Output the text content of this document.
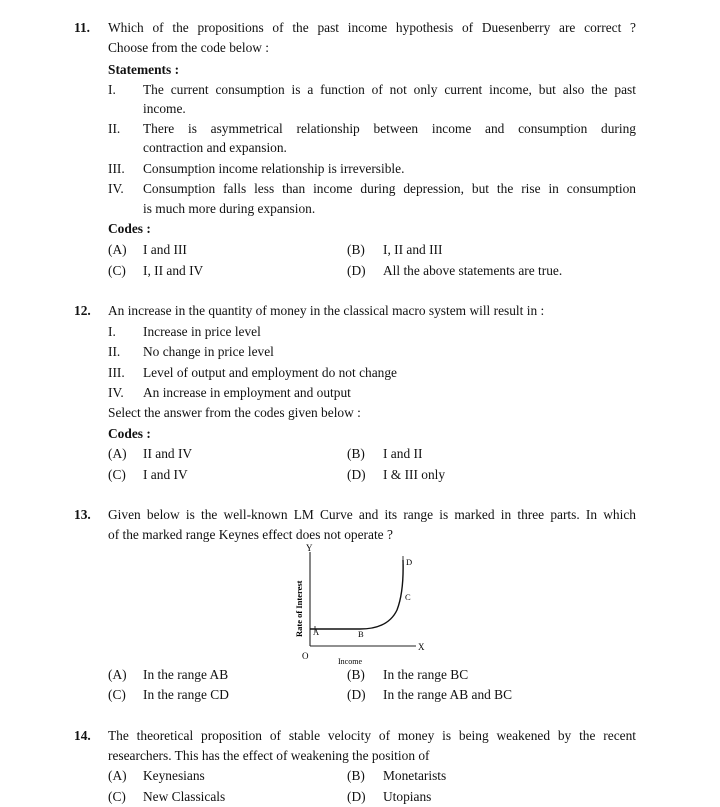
11. Which of the propositions of the past income hypothesis of Duesenberry are correct ?
Choose from the code below :
Statements :
I. The current consumption is a function of not only current income, but also the past
income.
II. There is asymmetrical relationship between income and consumption during
contraction and expansion.
III. Consumption income relationship is irreversible.
IV. Consumption falls less than income during depression, but the rise in consumption
is much more during expansion.
Codes :
(A) I and III	(B) I, II and III
(C) I, II and IV	(D) All the above statements are true.
12. An increase in the quantity of money in the classical macro system will result in :
I. Increase in price level
II. No change in price level
III. Level of output and employment do not change
IV. An increase in employment and output
Select the answer from the codes given below :
Codes :
(A) II and IV	(B) I and II
(C) I and IV	(D) I & III only
13. Given below is the well-known LM Curve and its range is marked in three parts. In which
of the marked range Keynes effect does not operate ?
Y
X
O
Rate of Interest
Income
A	B
C
D
(A) In the range AB	(B) In the range BC
(C) In the range CD	(D) In the range AB and BC
14. The theoretical proposition of stable velocity of money is being weakened by the recent
researchers. This has the effect of weakening the position of
(A) Keynesians	(B) Monetarists
(C) New Classicals	(D) Utopians
